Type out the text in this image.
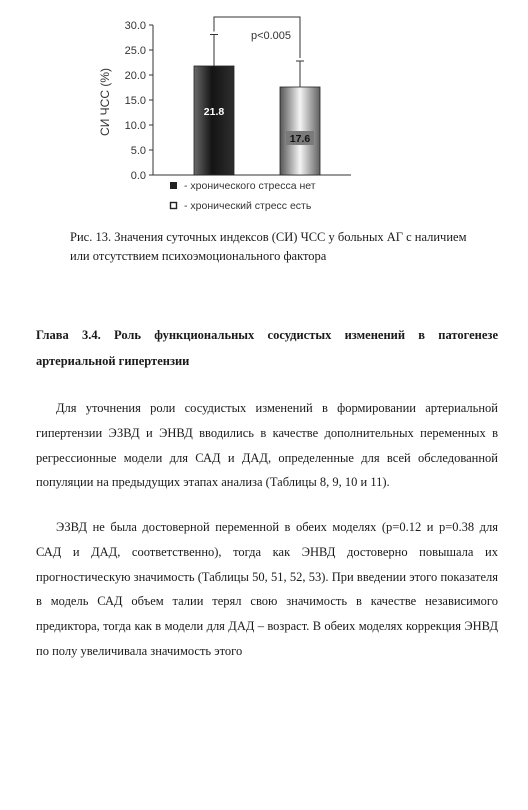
0.0
5.0
10.0
15.0
20.0
25.0
30.0
21.8
17.6
СИ ЧСС (%)
p<0.005
- хронического стресса нет
- хронический стресс есть
Рис. 13. Значения суточных индексов (СИ) ЧСС у больных АГ с наличием или отсутствием психоэмоционального фактора
Глава 3.4. Роль функциональных сосудистых изменений в патогенезе артериальной гипертензии

Для уточнения роли сосудистых изменений в формировании артериальной гипертензии ЭЗВД и ЭНВД вводились в качестве дополнительных переменных в регрессионные модели для САД и ДАД, определенные для всей обследованной популяции на предыдущих этапах анализа (Таблицы 8, 9, 10 и 11).

ЭЗВД не была достоверной переменной в обеих моделях (p=0.12 и p=0.38 для САД и ДАД, соответственно), тогда как ЭНВД достоверно повышала их прогностическую значимость (Таблицы 50, 51, 52, 53). При введении этого показателя в модель САД объем талии терял свою значимость в качестве независимого предиктора, тогда как в модели для ДАД – возраст. В обеих моделях коррекция ЭНВД по полу увеличивала значимость этого
